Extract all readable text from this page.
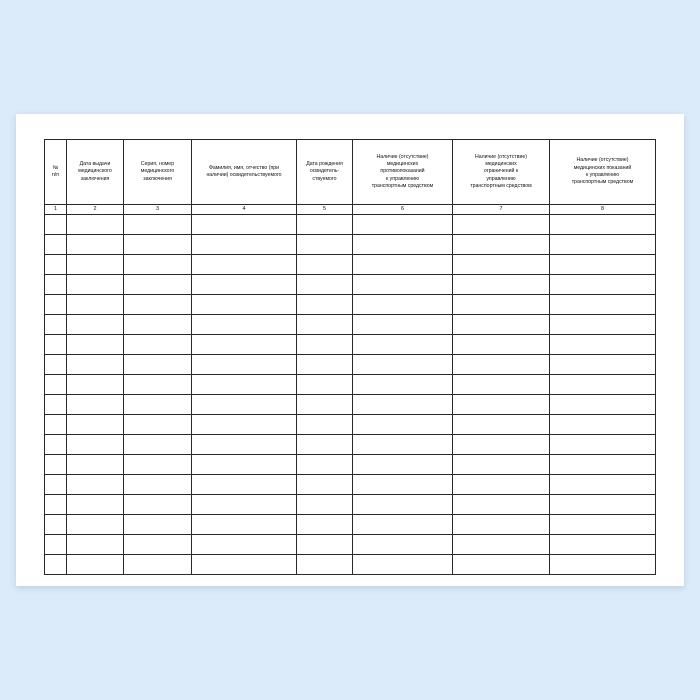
№
п/п	Дата выдачи
медицинского
заключения	Серия, номер
медицинского
заключения	Фамилия, имя, отчество (при
наличии) освидетельствуемого	Дата рождения
освидетель-
ствуемого	Наличие (отсутствие)
медицинских
противопоказаний
к управлению
транспортным средством	Наличие (отсутствие)
медицинских
ограничений к
управлению
транспортным средством	Наличие (отсутствие)
медицинских показаний
к управлению
транспортным средством

1	2	3	4	5	6	7	8
